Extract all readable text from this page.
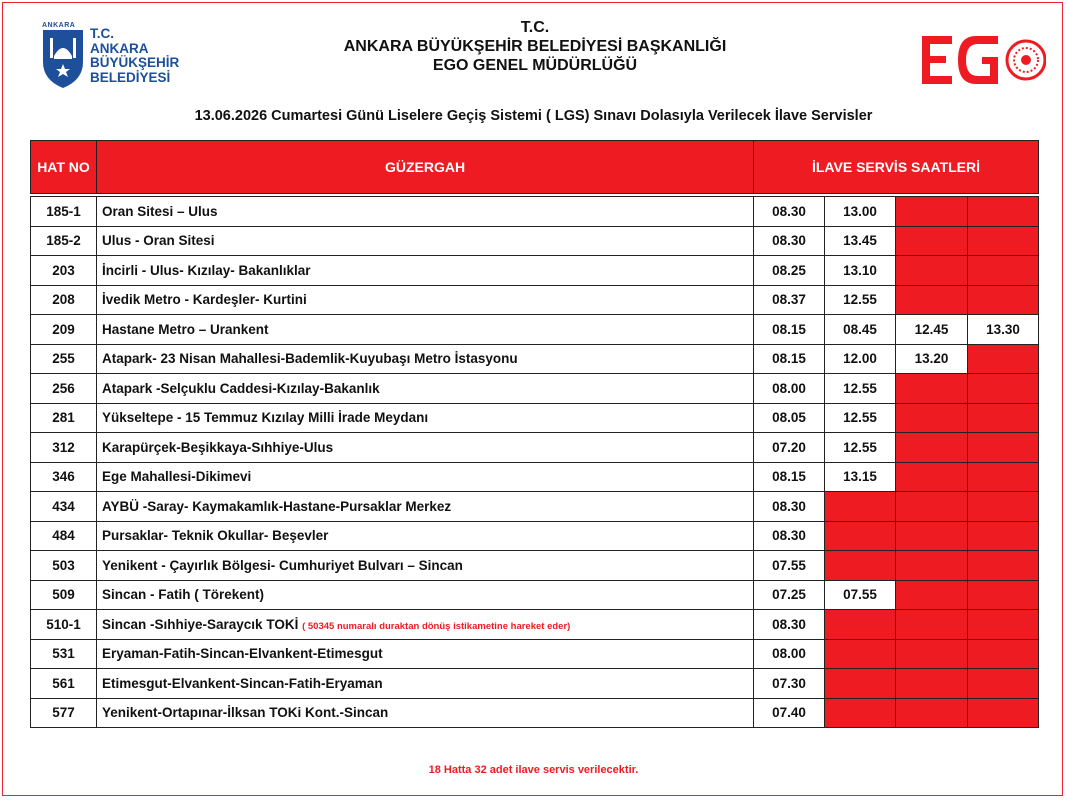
ANKARA
T.C.
ANKARA
BÜYÜKŞEHİR
BELEDİYESİ
T.C.
ANKARA BÜYÜKŞEHİR BELEDİYESİ BAŞKANLIĞI
EGO GENEL MÜDÜRLÜĞÜ
13.06.2026 Cumartesi Günü Liselere Geçiş Sistemi ( LGS) Sınavı Dolasıyla Verilecek İlave Servisler
HAT NO	GÜZERGAH	İLAVE SERVİS SAATLERİ			

185-1	Oran Sitesi – Ulus	08.30	13.00		
185-2	Ulus - Oran Sitesi	08.30	13.45		
203	İncirli - Ulus- Kızılay- Bakanlıklar	08.25	13.10		
208	İvedik Metro - Kardeşler- Kurtini	08.37	12.55		
209	Hastane Metro – Urankent	08.15	08.45	12.45	13.30
255	Atapark- 23 Nisan Mahallesi-Bademlik-Kuyubaşı Metro İstasyonu	08.15	12.00	13.20	
256	Atapark -Selçuklu Caddesi-Kızılay-Bakanlık	08.00	12.55		
281	Yükseltepe - 15 Temmuz Kızılay Milli İrade Meydanı	08.05	12.55		
312	Karapürçek-Beşikkaya-Sıhhiye-Ulus	07.20	12.55		
346	Ege Mahallesi-Dikimevi	08.15	13.15		
434	AYBÜ -Saray- Kaymakamlık-Hastane-Pursaklar Merkez	08.30			
484	Pursaklar- Teknik Okullar- Beşevler	08.30			
503	Yenikent - Çayırlık Bölgesi- Cumhuriyet Bulvarı – Sincan	07.55			
509	Sincan - Fatih ( Törekent)	07.25	07.55		
510-1	Sincan -Sıhhiye-Saraycık TOKİ ( 50345 numaralı duraktan dönüş istikametine hareket eder)	08.30			
531	Eryaman-Fatih-Sincan-Elvankent-Etimesgut	08.00			
561	Etimesgut-Elvankent-Sincan-Fatih-Eryaman	07.30			
577	Yenikent-Ortapınar-İlksan TOKi Kont.-Sincan	07.40			
18 Hatta 32 adet ilave servis verilecektir.
